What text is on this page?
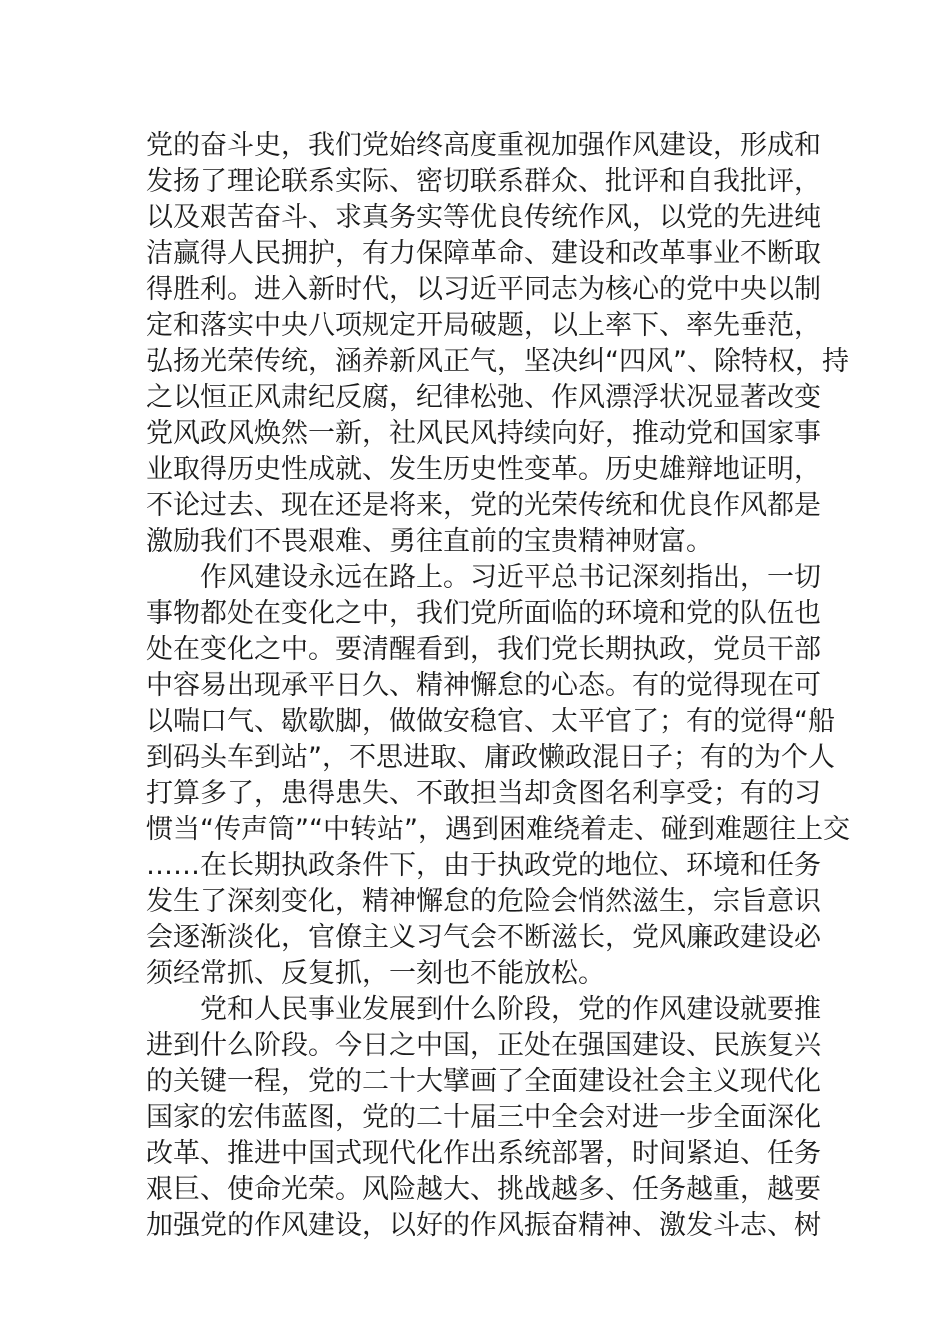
党的奋斗史，我们党始终高度重视加强作风建设，形成和
发扬了理论联系实际、密切联系群众、批评和自我批评，
以及艰苦奋斗、求真务实等优良传统作风，以党的先进纯
洁赢得人民拥护，有力保障革命、建设和改革事业不断取
得胜利。进入新时代，以习近平同志为核心的党中央以制
定和落实中央八项规定开局破题，以上率下、率先垂范，
弘扬光荣传统，涵养新风正气，坚决纠“四风”、除特权，持
之以恒正风肃纪反腐，纪律松弛、作风漂浮状况显著改变
党风政风焕然一新，社风民风持续向好，推动党和国家事
业取得历史性成就、发生历史性变革。历史雄辩地证明，
不论过去、现在还是将来，党的光荣传统和优良作风都是
激励我们不畏艰难、勇往直前的宝贵精神财富。
作风建设永远在路上。习近平总书记深刻指出，一切
事物都处在变化之中，我们党所面临的环境和党的队伍也
处在变化之中。要清醒看到，我们党长期执政，党员干部
中容易出现承平日久、精神懈怠的心态。有的觉得现在可
以喘口气、歇歇脚，做做安稳官、太平官了；有的觉得“船
到码头车到站”，不思进取、庸政懒政混日子；有的为个人
打算多了，患得患失、不敢担当却贪图名利享受；有的习
惯当“传声筒”“中转站”，遇到困难绕着走、碰到难题往上交
……在长期执政条件下，由于执政党的地位、环境和任务
发生了深刻变化，精神懈怠的危险会悄然滋生，宗旨意识
会逐渐淡化，官僚主义习气会不断滋长，党风廉政建设必
须经常抓、反复抓，一刻也不能放松。
党和人民事业发展到什么阶段，党的作风建设就要推
进到什么阶段。今日之中国，正处在强国建设、民族复兴
的关键一程，党的二十大擘画了全面建设社会主义现代化
国家的宏伟蓝图，党的二十届三中全会对进一步全面深化
改革、推进中国式现代化作出系统部署，时间紧迫、任务
艰巨、使命光荣。风险越大、挑战越多、任务越重，越要
加强党的作风建设，以好的作风振奋精神、激发斗志、树
